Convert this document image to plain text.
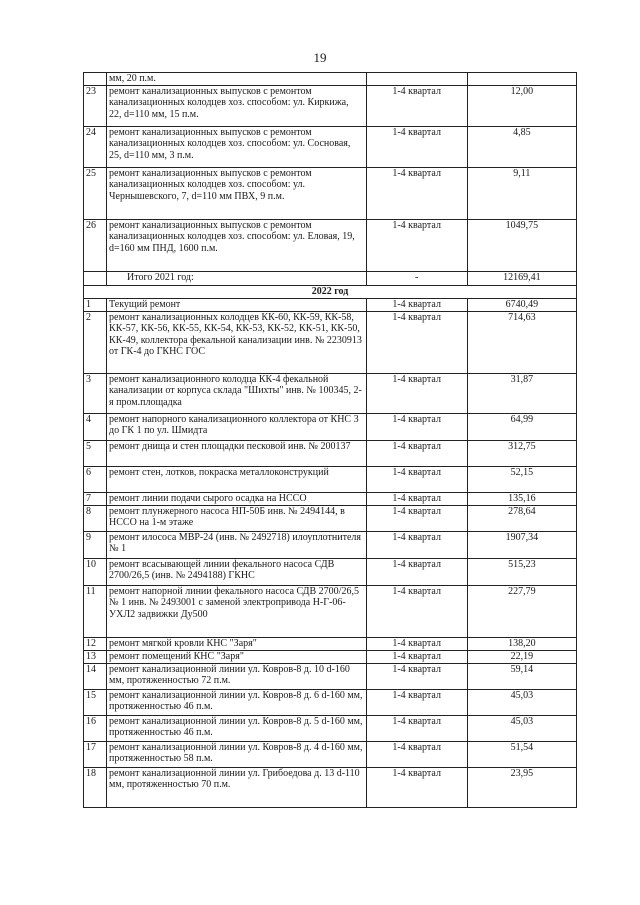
19
	мм, 20 п.м.		
23	ремонт канализационных выпусков с ремонтом канализационных колодцев хоз. способом: ул. Киркижа, 22, d=110 мм, 15 п.м.	1-4 квартал	12,00
24	ремонт канализационных выпусков с ремонтом канализационных колодцев хоз. способом: ул. Сосновая, 25, d=110 мм, 3 п.м.	1-4 квартал	4,85
25	ремонт канализационных выпусков с ремонтом канализационных колодцев хоз. способом: ул. Чернышевского, 7, d=110 мм ПВХ, 9 п.м.	1-4 квартал	9,11
26	ремонт канализационных выпусков с ремонтом канализационных колодцев хоз. способом: ул. Еловая, 19, d=160 мм ПНД, 1600 п.м.	1-4 квартал	1049,75
	Итого 2021 год:	-	12169,41
2022 год			
1	Текущий ремонт	1-4 квартал	6740,49
2	ремонт канализационных колодцев КК-60, КК-59, КК-58, КК-57, КК-56, КК-55, КК-54, КК-53, КК-52, КК-51, КК-50, КК-49, коллектора фекальной канализации инв. № 2230913 от ГК-4 до ГКНС ГОС	1-4 квартал	714,63
3	ремонт канализационного колодца КК-4 фекальной канализации от корпуса склада "Шихты" инв. № 100345, 2-я пром.площадка	1-4 квартал	31,87
4	ремонт напорного канализационного коллектора от КНС 3 до ГК 1 по ул. Шмидта	1-4 квартал	64,99
5	ремонт днища и стен площадки песковой инв. № 200137	1-4 квартал	312,75
6	ремонт стен, лотков, покраска металлоконструкций	1-4 квартал	52,15
7	ремонт линии подачи сырого осадка на НССО	1-4 квартал	135,16
8	ремонт плунжерного насоса НП-50Б инв. № 2494144, в НССО на 1-м этаже	1-4 квартал	278,64
9	ремонт илососа МВР-24 (инв. № 2492718) илоуплотнителя № 1	1-4 квартал	1907,34
10	ремонт всасывающей линии фекального насоса СДВ 2700/26,5 (инв. № 2494188) ГКНС	1-4 квартал	515,23
11	ремонт напорной линии фекального насоса СДВ 2700/26,5 № 1 инв. № 2493001 с заменой электропривода Н-Г-06-УХЛ2 задвижки Ду500	1-4 квартал	227,79
12	ремонт мягкой кровли КНС "Заря"	1-4 квартал	138,20
13	ремонт помещений КНС "Заря"	1-4 квартал	22,19
14	ремонт канализационной линии ул. Ковров-8 д. 10 d-160 мм, протяженностью 72 п.м.	1-4 квартал	59,14
15	ремонт канализационной линии ул. Ковров-8 д. 6 d-160 мм, протяженностью 46 п.м.	1-4 квартал	45,03
16	ремонт канализационной линии ул. Ковров-8 д. 5 d-160 мм, протяженностью 46 п.м.	1-4 квартал	45,03
17	ремонт канализационной линии ул. Ковров-8 д. 4 d-160 мм, протяженностью 58 п.м.	1-4 квартал	51,54
18	ремонт канализационной линии ул. Грибоедова д. 13 d-110 мм, протяженностью 70 п.м.	1-4 квартал	23,95
